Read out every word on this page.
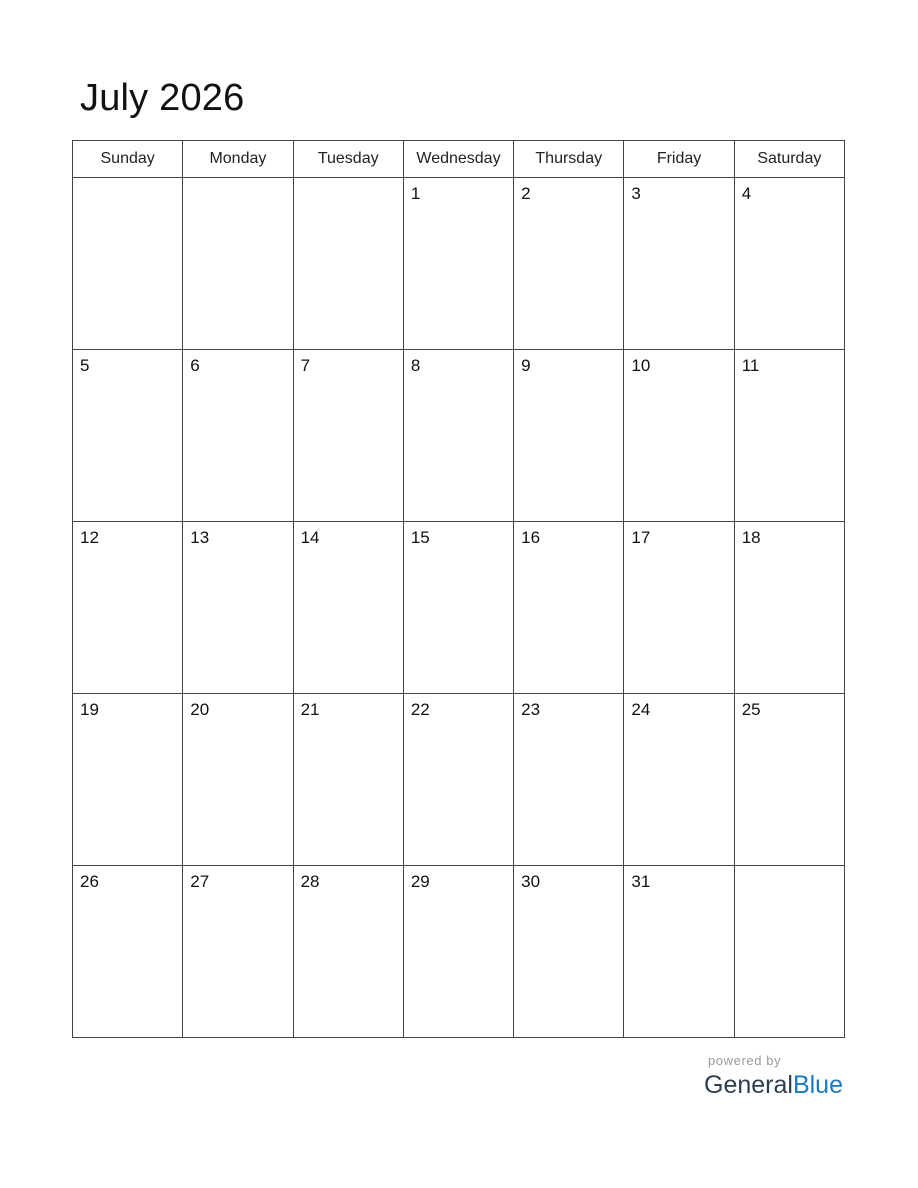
July 2026
Sunday	Monday	Tuesday	Wednesday	Thursday	Friday	Saturday

			1	2	3	4

5	6	7	8	9	10	11

12	13	14	15	16	17	18

19	20	21	22	23	24	25

26	27	28	29	30	31	

powered by
GeneralBlue
